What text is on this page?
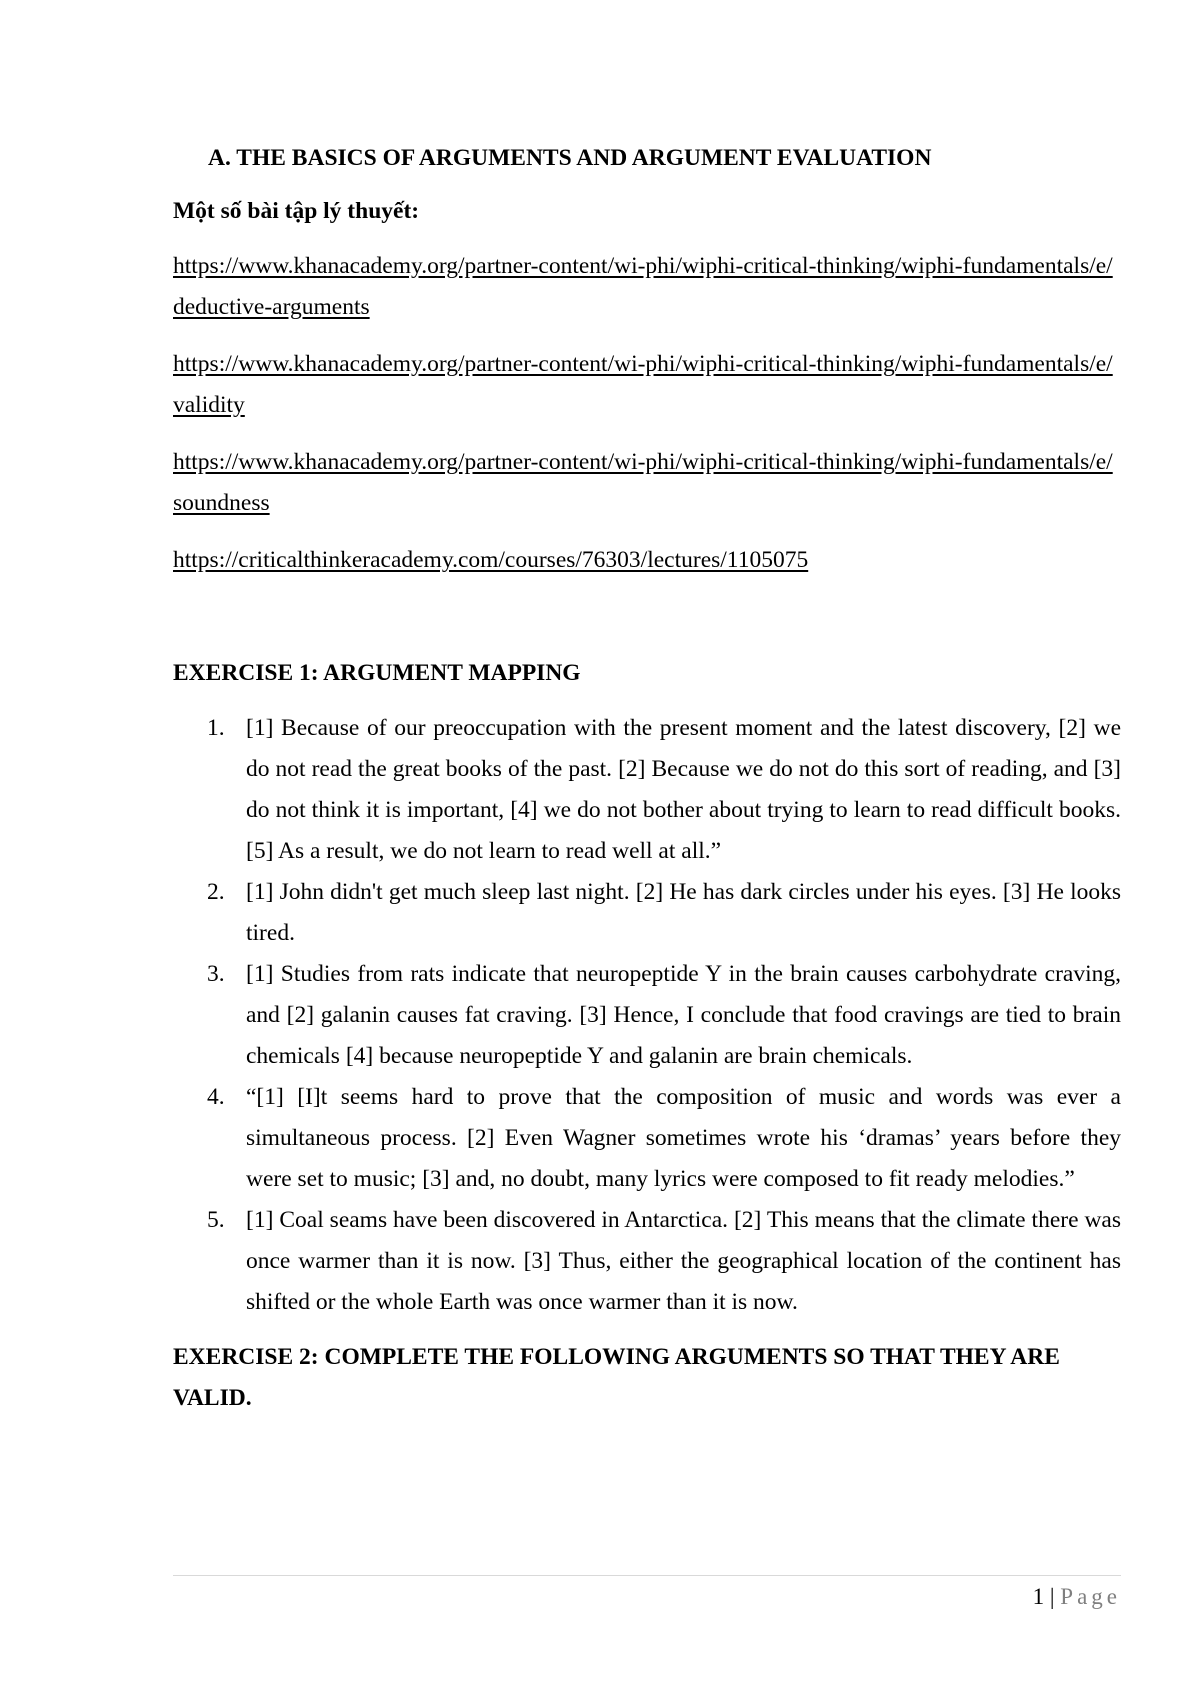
A. THE BASICS OF ARGUMENTS AND ARGUMENT EVALUATION

Một số bài tập lý thuyết:

https://www.khanacademy.org/partner-content/wi-phi/wiphi-critical-thinking/wiphi-fundamentals/e/deductive-arguments

https://www.khanacademy.org/partner-content/wi-phi/wiphi-critical-thinking/wiphi-fundamentals/e/validity

https://www.khanacademy.org/partner-content/wi-phi/wiphi-critical-thinking/wiphi-fundamentals/e/soundness

https://criticalthinkeracademy.com/courses/76303/lectures/1105075

EXERCISE 1: ARGUMENT MAPPING

1. [1] Because of our preoccupation with the present moment and the latest discovery, [2] we do not read the great books of the past. [2] Because we do not do this sort of reading, and [3] do not think it is important, [4] we do not bother about trying to learn to read difficult books. [5] As a result, we do not learn to read well at all.”
2. [1] John didn't get much sleep last night. [2] He has dark circles under his eyes. [3] He looks tired.
3. [1] Studies from rats indicate that neuropeptide Y in the brain causes carbohydrate craving, and [2] galanin causes fat craving. [3] Hence, I conclude that food cravings are tied to brain chemicals [4] because neuropeptide Y and galanin are brain chemicals.
4. “[1] [I]t seems hard to prove that the composition of music and words was ever a simultaneous process. [2] Even Wagner sometimes wrote his ‘dramas’ years before they were set to music; [3] and, no doubt, many lyrics were composed to fit ready melodies.”
5. [1] Coal seams have been discovered in Antarctica. [2] This means that the climate there was once warmer than it is now. [3] Thus, either the geographical location of the continent has shifted or the whole Earth was once warmer than it is now.

EXERCISE 2: COMPLETE THE FOLLOWING ARGUMENTS SO THAT THEY ARE VALID.

1 | Page
